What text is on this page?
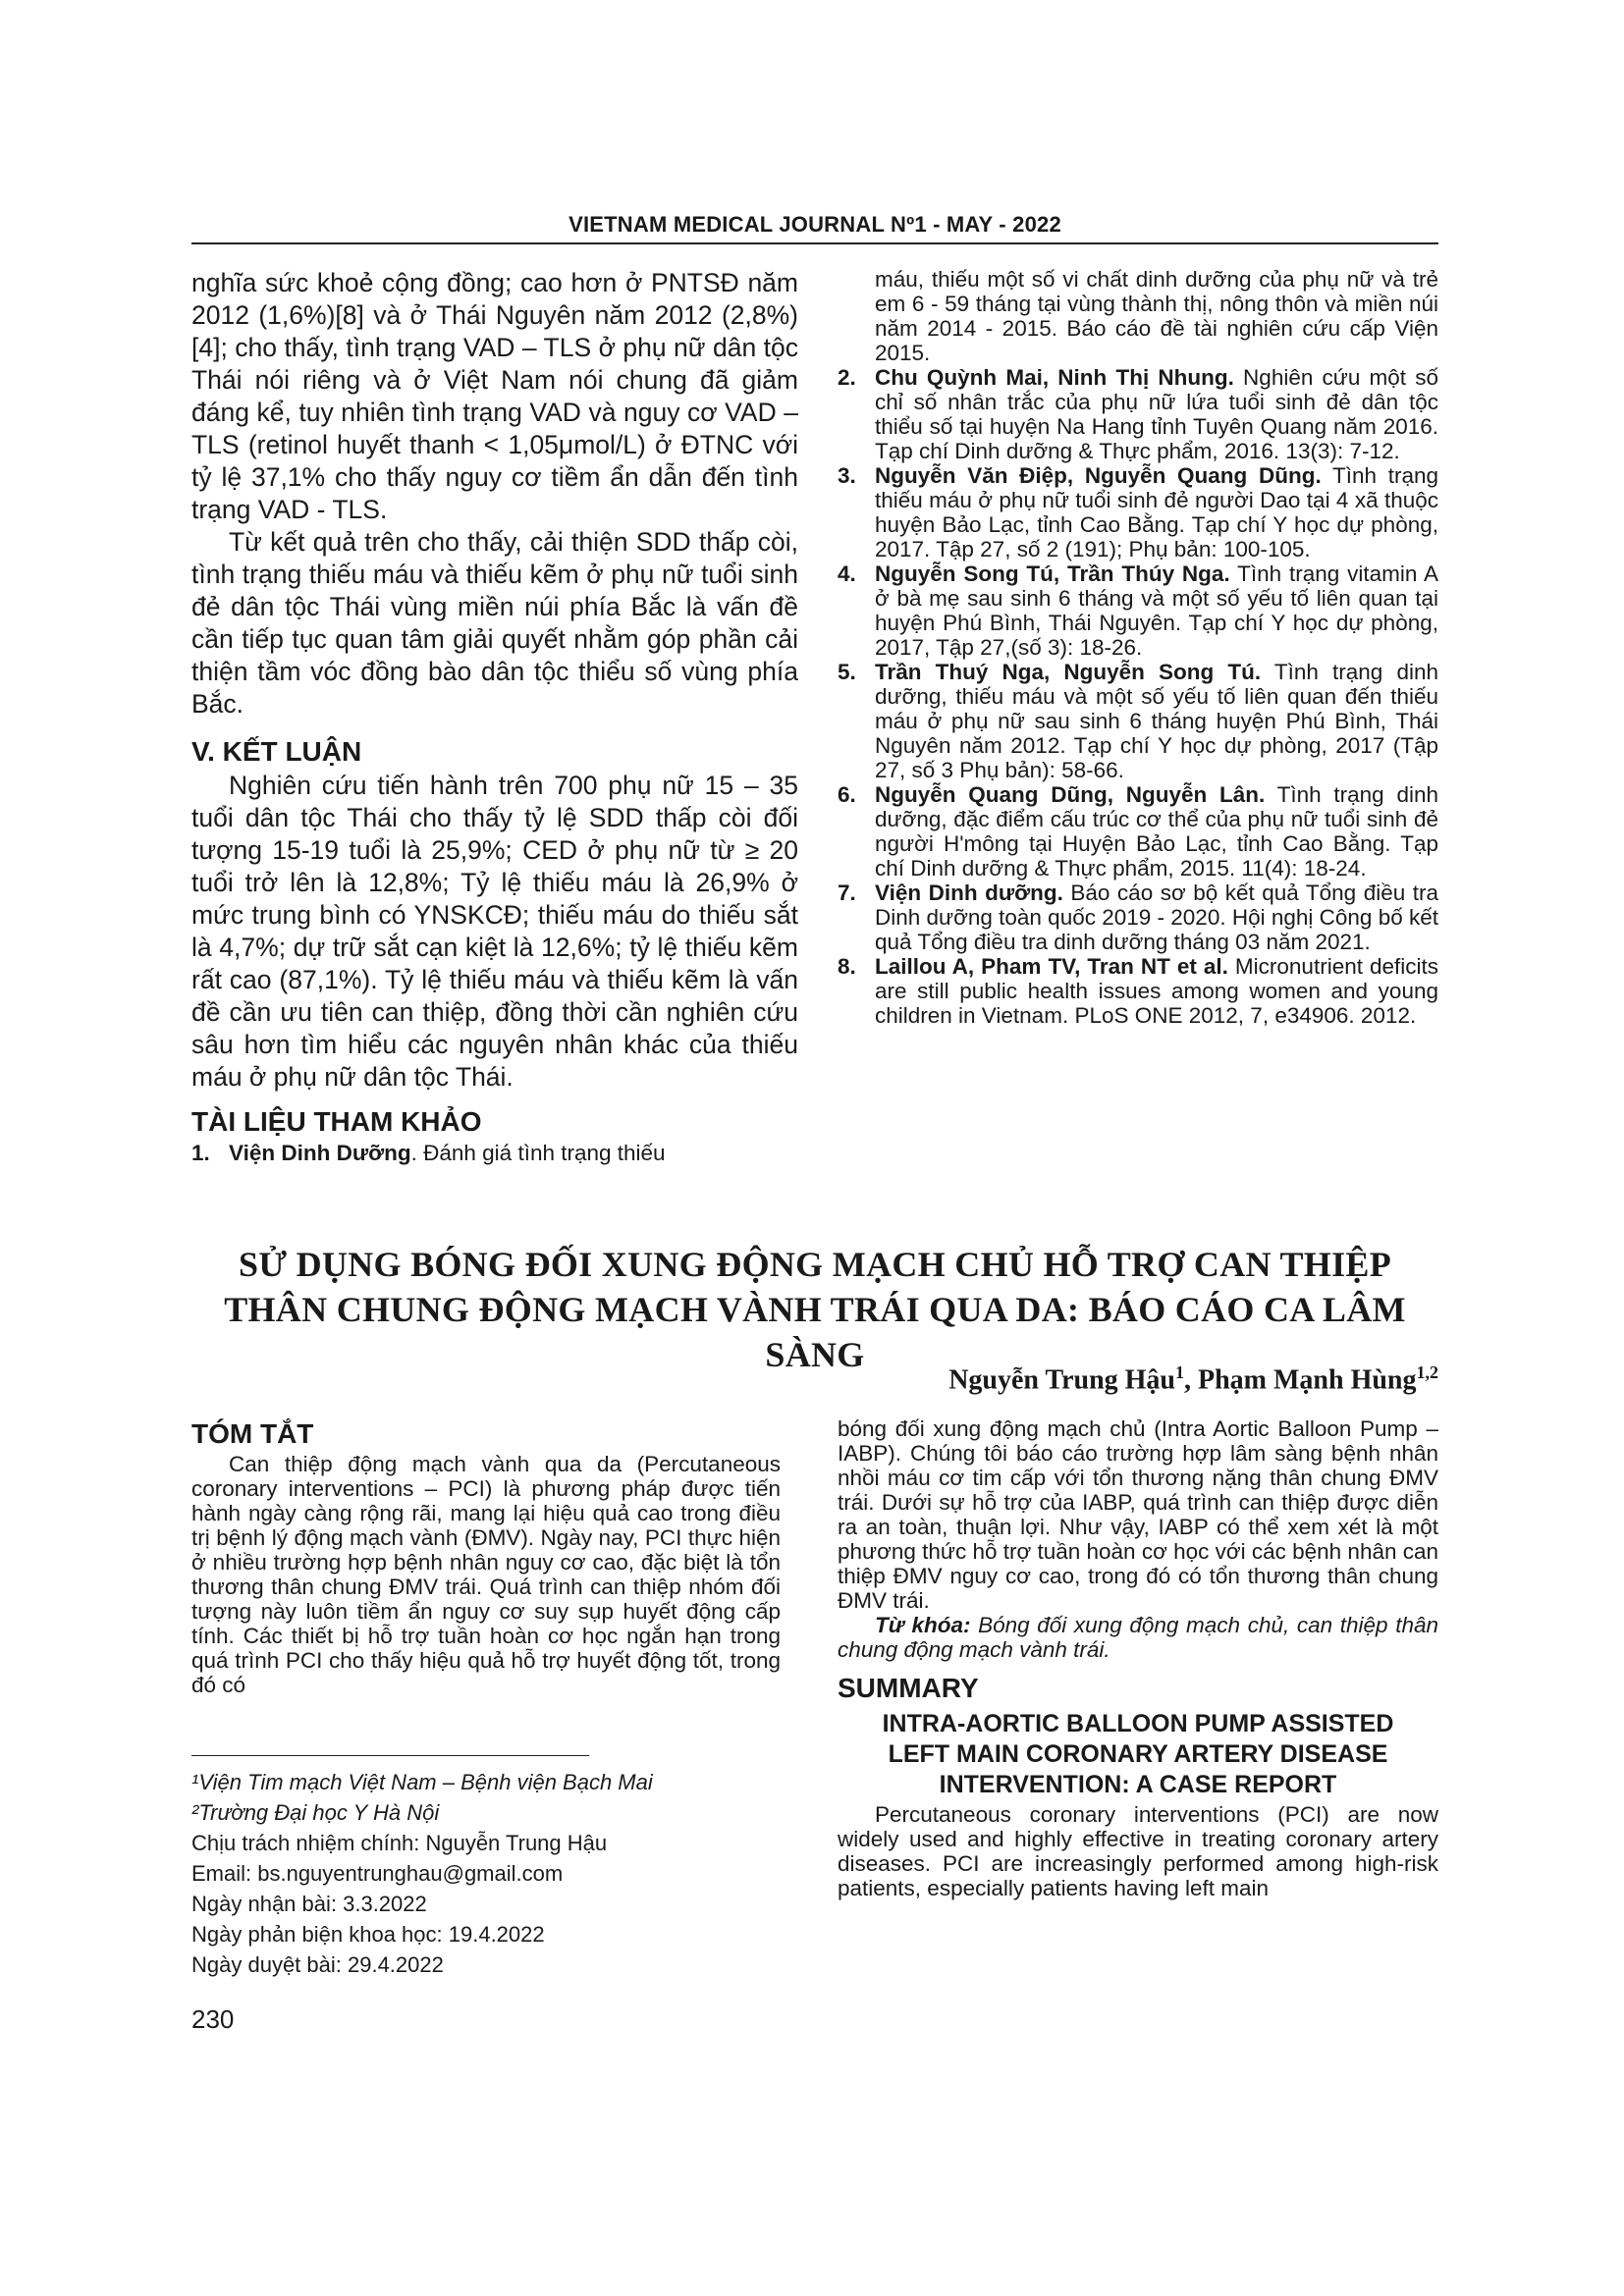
VIETNAM MEDICAL JOURNAL Nº1 - MAY - 2022

nghĩa sức khoẻ cộng đồng; cao hơn ở PNTSĐ năm 2012 (1,6%)[8] và ở Thái Nguyên năm 2012 (2,8%) [4]; cho thấy, tình trạng VAD – TLS ở phụ nữ dân tộc Thái nói riêng và ở Việt Nam nói chung đã giảm đáng kể, tuy nhiên tình trạng VAD và nguy cơ VAD – TLS (retinol huyết thanh < 1,05μmol/L) ở ĐTNC với tỷ lệ 37,1% cho thấy nguy cơ tiềm ẩn dẫn đến tình trạng VAD - TLS.

Từ kết quả trên cho thấy, cải thiện SDD thấp còi, tình trạng thiếu máu và thiếu kẽm ở phụ nữ tuổi sinh đẻ dân tộc Thái vùng miền núi phía Bắc là vấn đề cần tiếp tục quan tâm giải quyết nhằm góp phần cải thiện tầm vóc đồng bào dân tộc thiểu số vùng phía Bắc.

V. KẾT LUẬN

Nghiên cứu tiến hành trên 700 phụ nữ 15 – 35 tuổi dân tộc Thái cho thấy tỷ lệ SDD thấp còi đối tượng 15-19 tuổi là 25,9%; CED ở phụ nữ từ ≥ 20 tuổi trở lên là 12,8%; Tỷ lệ thiếu máu là 26,9% ở mức trung bình có YNSKCĐ; thiếu máu do thiếu sắt là 4,7%; dự trữ sắt cạn kiệt là 12,6%; tỷ lệ thiếu kẽm rất cao (87,1%). Tỷ lệ thiếu máu và thiếu kẽm là vấn đề cần ưu tiên can thiệp, đồng thời cần nghiên cứu sâu hơn tìm hiểu các nguyên nhân khác của thiếu máu ở phụ nữ dân tộc Thái.

TÀI LIỆU THAM KHẢO
1. Viện Dinh Dưỡng. Đánh giá tình trạng thiếu

máu, thiếu một số vi chất dinh dưỡng của phụ nữ và trẻ em 6 - 59 tháng tại vùng thành thị, nông thôn và miền núi năm 2014 - 2015. Báo cáo đề tài nghiên cứu cấp Viện 2015.

2. Chu Quỳnh Mai, Ninh Thị Nhung. Nghiên cứu một số chỉ số nhân trắc của phụ nữ lứa tuổi sinh đẻ dân tộc thiểu số tại huyện Na Hang tỉnh Tuyên Quang năm 2016. Tạp chí Dinh dưỡng & Thực phẩm, 2016. 13(3): 7-12.
3. Nguyễn Văn Điệp, Nguyễn Quang Dũng. Tình trạng thiếu máu ở phụ nữ tuổi sinh đẻ người Dao tại 4 xã thuộc huyện Bảo Lạc, tỉnh Cao Bằng. Tạp chí Y học dự phòng, 2017. Tập 27, số 2 (191); Phụ bản: 100-105.
4. Nguyễn Song Tú, Trần Thúy Nga. Tình trạng vitamin A ở bà mẹ sau sinh 6 tháng và một số yếu tố liên quan tại huyện Phú Bình, Thái Nguyên. Tạp chí Y học dự phòng, 2017, Tập 27,(số 3): 18-26.
5. Trần Thuý Nga, Nguyễn Song Tú. Tình trạng dinh dưỡng, thiếu máu và một số yếu tố liên quan đến thiếu máu ở phụ nữ sau sinh 6 tháng huyện Phú Bình, Thái Nguyên năm 2012. Tạp chí Y học dự phòng, 2017 (Tập 27, số 3 Phụ bản): 58-66.
6. Nguyễn Quang Dũng, Nguyễn Lân. Tình trạng dinh dưỡng, đặc điểm cấu trúc cơ thể của phụ nữ tuổi sinh đẻ người H'mông tại Huyện Bảo Lạc, tỉnh Cao Bằng. Tạp chí Dinh dưỡng & Thực phẩm, 2015. 11(4): 18-24.
7. Viện Dinh dưỡng. Báo cáo sơ bộ kết quả Tổng điều tra Dinh dưỡng toàn quốc 2019 - 2020. Hội nghị Công bố kết quả Tổng điều tra dinh dưỡng tháng 03 năm 2021.
8. Laillou A, Pham TV, Tran NT et al. Micronutrient deficits are still public health issues among women and young children in Vietnam. PLoS ONE 2012, 7, e34906. 2012.
SỬ DỤNG BÓNG ĐỐI XUNG ĐỘNG MẠCH CHỦ HỖ TRỢ CAN THIỆP
THÂN CHUNG ĐỘNG MẠCH VÀNH TRÁI QUA DA: BÁO CÁO CA LÂM SÀNG
Nguyễn Trung Hậu$^1$, Phạm Mạnh Hùng$^{1,2}$
TÓM TẮT

Can thiệp động mạch vành qua da (Percutaneous coronary interventions – PCI) là phương pháp được tiến hành ngày càng rộng rãi, mang lại hiệu quả cao trong điều trị bệnh lý động mạch vành (ĐMV). Ngày nay, PCI thực hiện ở nhiều trường hợp bệnh nhân nguy cơ cao, đặc biệt là tổn thương thân chung ĐMV trái. Quá trình can thiệp nhóm đối tượng này luôn tiềm ẩn nguy cơ suy sụp huyết động cấp tính. Các thiết bị hỗ trợ tuần hoàn cơ học ngắn hạn trong quá trình PCI cho thấy hiệu quả hỗ trợ huyết động tốt, trong đó có

bóng đối xung động mạch chủ (Intra Aortic Balloon Pump – IABP). Chúng tôi báo cáo trường hợp lâm sàng bệnh nhân nhồi máu cơ tim cấp với tổn thương nặng thân chung ĐMV trái. Dưới sự hỗ trợ của IABP, quá trình can thiệp được diễn ra an toàn, thuận lợi. Như vậy, IABP có thể xem xét là một phương thức hỗ trợ tuần hoàn cơ học với các bệnh nhân can thiệp ĐMV nguy cơ cao, trong đó có tổn thương thân chung ĐMV trái.

Từ khóa: Bóng đối xung động mạch chủ, can thiệp thân chung động mạch vành trái.

SUMMARY
INTRA-AORTIC BALLOON PUMP ASSISTED
LEFT MAIN CORONARY ARTERY DISEASE
INTERVENTION: A CASE REPORT

Percutaneous coronary interventions (PCI) are now widely used and highly effective in treating coronary artery diseases. PCI are increasingly performed among high-risk patients, especially patients having left main

¹Viện Tim mạch Việt Nam – Bệnh viện Bạch Mai
²Trường Đại học Y Hà Nội
Chịu trách nhiệm chính: Nguyễn Trung Hậu
Email: bs.nguyentrunghau@gmail.com
Ngày nhận bài: 3.3.2022
Ngày phản biện khoa học: 19.4.2022
Ngày duyệt bài: 29.4.2022
230
